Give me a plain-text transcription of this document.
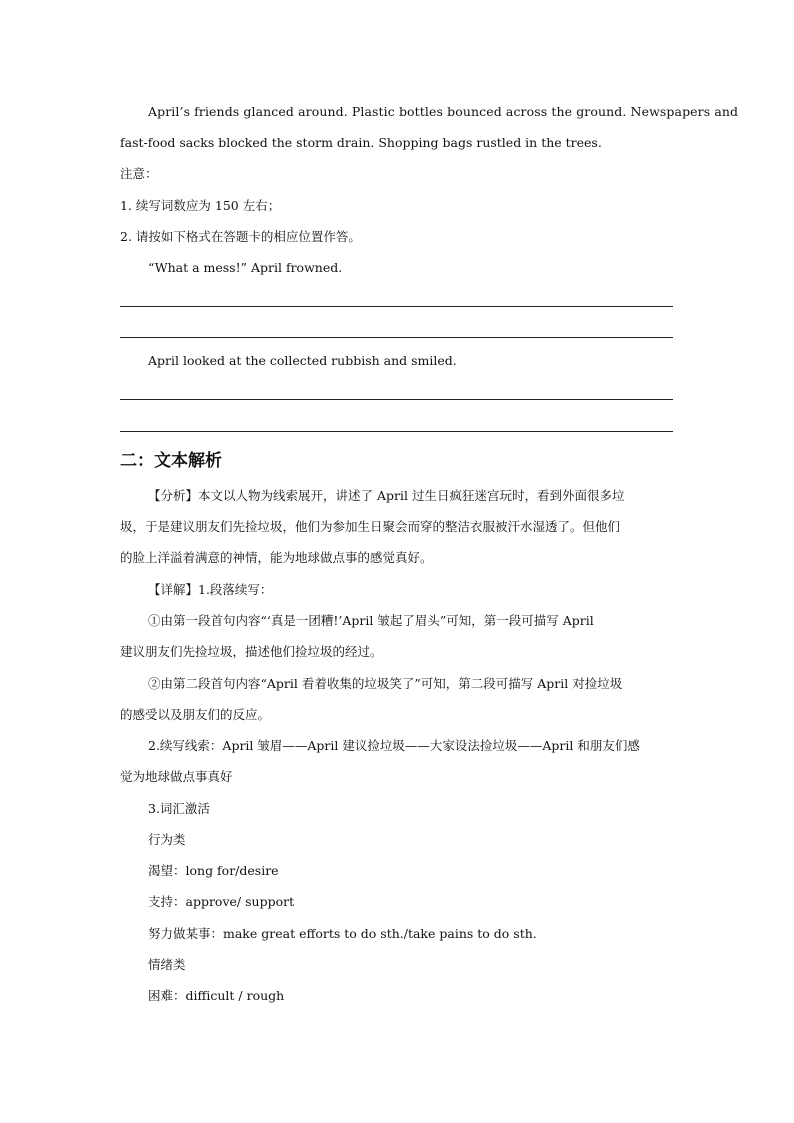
April’s friends glanced around. Plastic bottles bounced across the ground. Newspapers and
fast-food sacks blocked the storm drain. Shopping bags rustled in the trees.
注意：
1. 续写词数应为 150 左右；
2. 请按如下格式在答题卡的相应位置作答。
“What a mess!” April frowned.
April looked at the collected rubbish and smiled.
二：文本解析
【分析】本文以人物为线索展开，讲述了 April 过生日疯狂迷宫玩时，看到外面很多垃
圾，于是建议朋友们先捡垃圾，他们为参加生日聚会而穿的整洁衣服被汗水湿透了。但他们
的脸上洋溢着满意的神情，能为地球做点事的感觉真好。
【详解】1.段落续写：
①由第一段首句内容“‘真是一团糟!’April 皱起了眉头”可知，第一段可描写 April
建议朋友们先捡垃圾，描述他们捡垃圾的经过。
②由第二段首句内容“April 看着收集的垃圾笑了”可知，第二段可描写 April 对捡垃圾
的感受以及朋友们的反应。
2.续写线索：April 皱眉——April 建议捡垃圾——大家设法捡垃圾——April 和朋友们感
觉为地球做点事真好
3.词汇激活
行为类
渴望：long for/desire
支持：approve/ support
努力做某事：make great efforts to do sth./take pains to do sth.
情绪类
困难：difficult / rough
